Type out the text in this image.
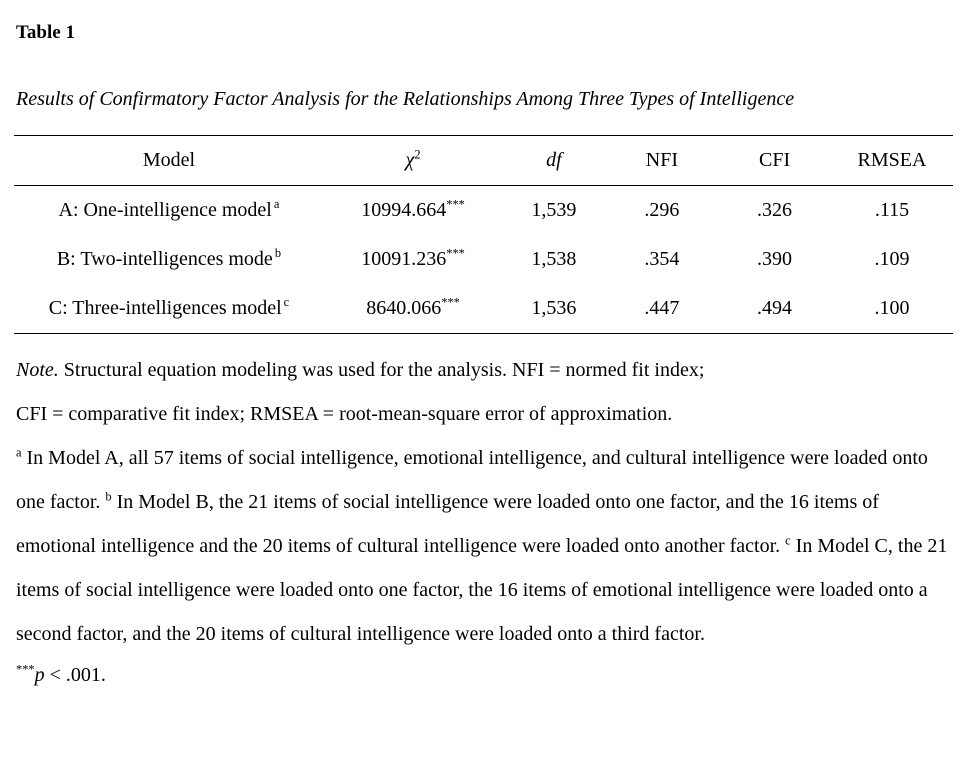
Table 1
Results of Confirmatory Factor Analysis for the Relationships Among Three Types of Intelligence
Model	$\chi^2$	df	NFI	CFI	RMSEA
A: One-intelligence model $^a$	10994.664***	1,539	.296	.326	.115
B: Two-intelligences mode $^b$	10091.236***	1,538	.354	.390	.109
C: Three-intelligences model $^c$	8640.066***	1,536	.447	.494	.100

Note. Structural equation modeling was used for the analysis. NFI = normed fit index;
CFI = comparative fit index; RMSEA = root-mean-square error of approximation.

$^a$ In Model A, all 57 items of social intelligence, emotional intelligence, and cultural intelligence were loaded onto one factor. $^b$ In Model B, the 21 items of social intelligence were loaded onto one factor, and the 16 items of emotional intelligence and the 20 items of cultural intelligence were loaded onto another factor. $^c$ In Model C, the 21 items of social intelligence were loaded onto one factor, the 16 items of emotional intelligence were loaded onto a second factor, and the 20 items of cultural intelligence were loaded onto a third factor.

***p < .001.
